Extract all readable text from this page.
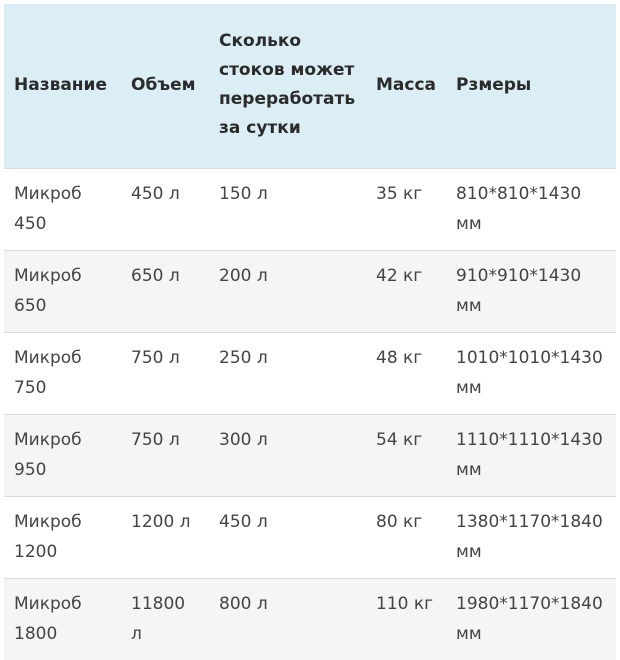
Название	Объем	Сколько стоков может переработать за сутки	Масса	Рзмеры
Микроб 450	450 л	150 л	35 кг	810*810*1430 мм
Микроб 650	650 л	200 л	42 кг	910*910*1430 мм
Микроб 750	750 л	250 л	48 кг	1010*1010*1430 мм
Микроб 950	750 л	300 л	54 кг	1110*1110*1430 мм
Микроб 1200	1200 л	450 л	80 кг	1380*1170*1840 мм
Микроб 1800	11800 л	800 л	110 кг	1980*1170*1840 мм
